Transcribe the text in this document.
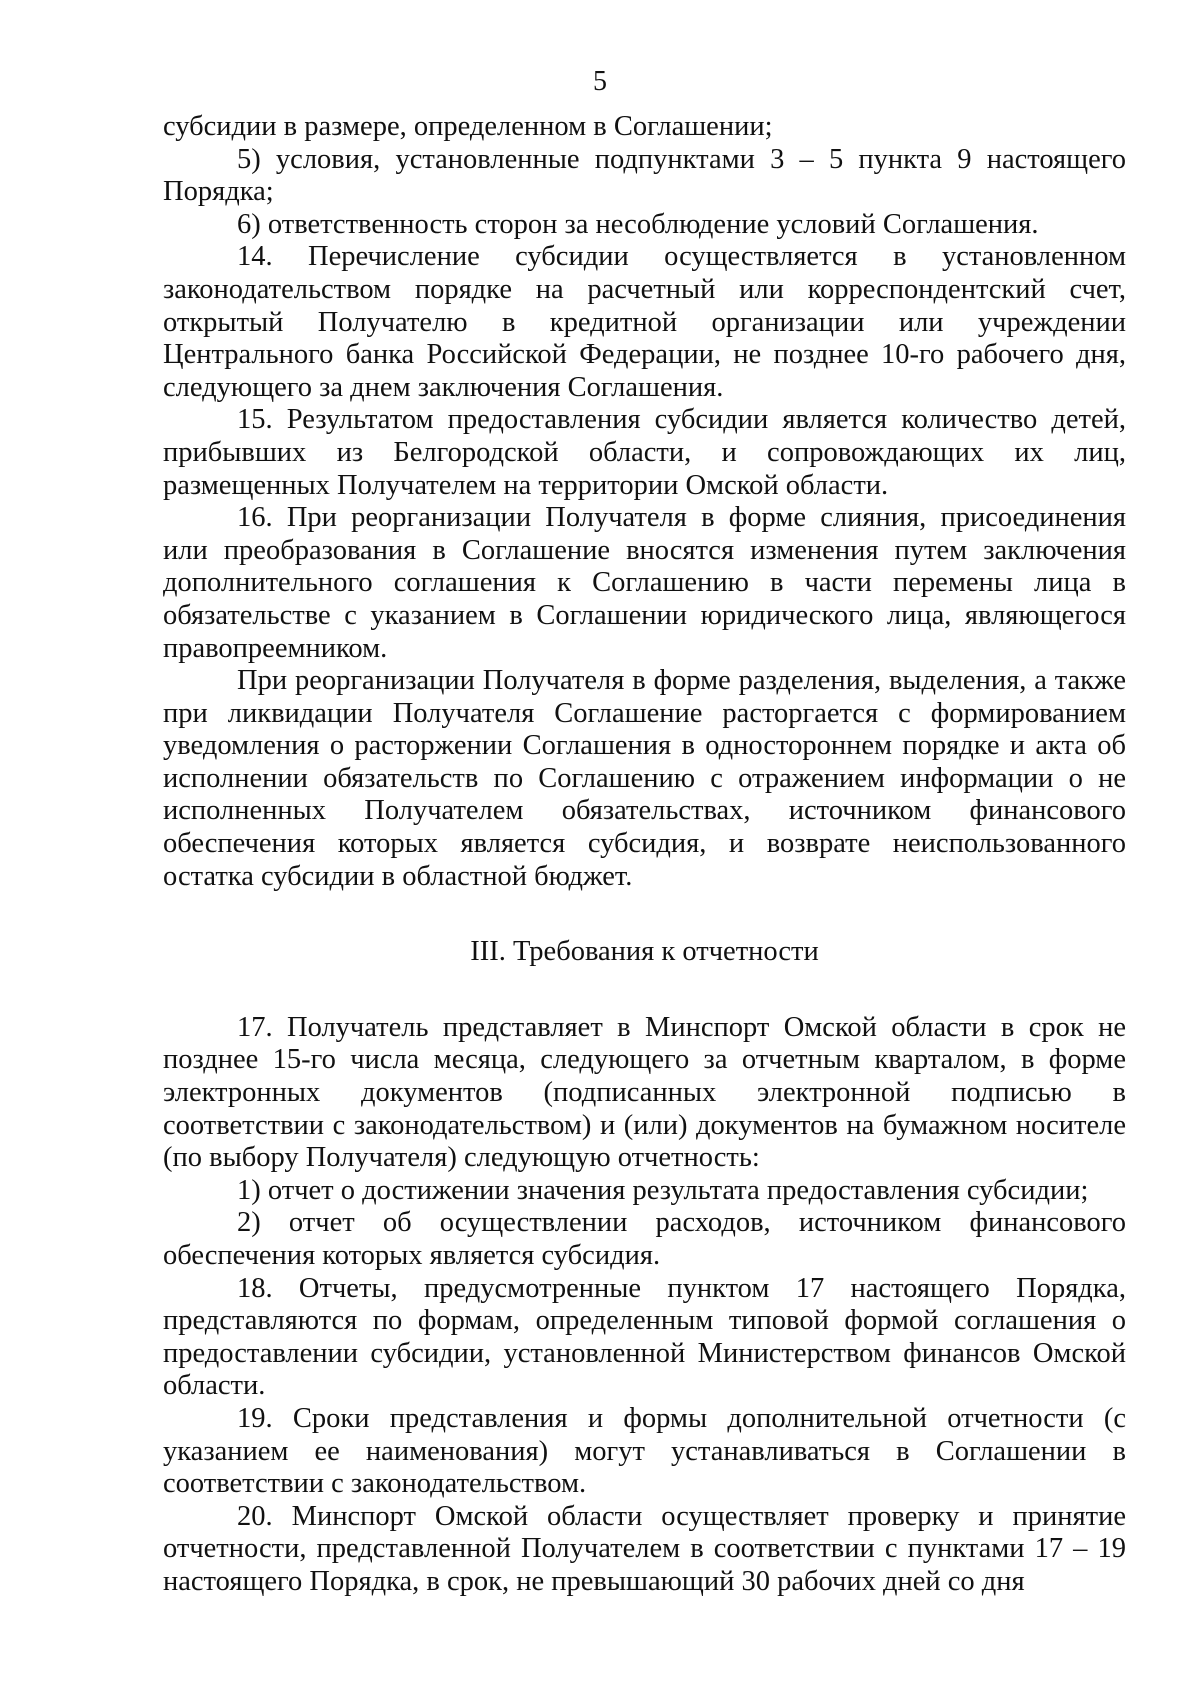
5

субсидии в размере, определенном в Соглашении;

5) условия, установленные подпунктами 3 – 5 пункта 9 настоящего Порядка;

6) ответственность сторон за несоблюдение условий Соглашения.

14. Перечисление субсидии осуществляется в установленном законодательством порядке на расчетный или корреспондентский счет, открытый Получателю в кредитной организации или учреждении Центрального банка Российской Федерации, не позднее 10-го рабочего дня, следующего за днем заключения Соглашения.

15. Результатом предоставления субсидии является количество детей, прибывших из Белгородской области, и сопровождающих их лиц, размещенных Получателем на территории Омской области.

16. При реорганизации Получателя в форме слияния, присоединения или преобразования в Соглашение вносятся изменения путем заключения дополнительного соглашения к Соглашению в части перемены лица в обязательстве с указанием в Соглашении юридического лица, являющегося правопреемником.

При реорганизации Получателя в форме разделения, выделения, а также при ликвидации Получателя Соглашение расторгается с формированием уведомления о расторжении Соглашения в одностороннем порядке и акта об исполнении обязательств по Соглашению с отражением информации о не исполненных Получателем обязательствах, источником финансового обеспечения которых является субсидия, и возврате неиспользованного остатка субсидии в областной бюджет.

III. Требования к отчетности

17. Получатель представляет в Минспорт Омской области в срок не позднее 15-го числа месяца, следующего за отчетным кварталом, в форме электронных документов (подписанных электронной подписью в соответствии с законодательством) и (или) документов на бумажном носителе (по выбору Получателя) следующую отчетность:

1) отчет о достижении значения результата предоставления субсидии;

2) отчет об осуществлении расходов, источником финансового обеспечения которых является субсидия.

18. Отчеты, предусмотренные пунктом 17 настоящего Порядка, представляются по формам, определенным типовой формой соглашения о предоставлении субсидии, установленной Министерством финансов Омской области.

19. Сроки представления и формы дополнительной отчетности (с указанием ее наименования) могут устанавливаться в Соглашении в соответствии с законодательством.

20. Минспорт Омской области осуществляет проверку и принятие отчетности, представленной Получателем в соответствии с пунктами 17 – 19 настоящего Порядка, в срок, не превышающий 30 рабочих дней со дня
